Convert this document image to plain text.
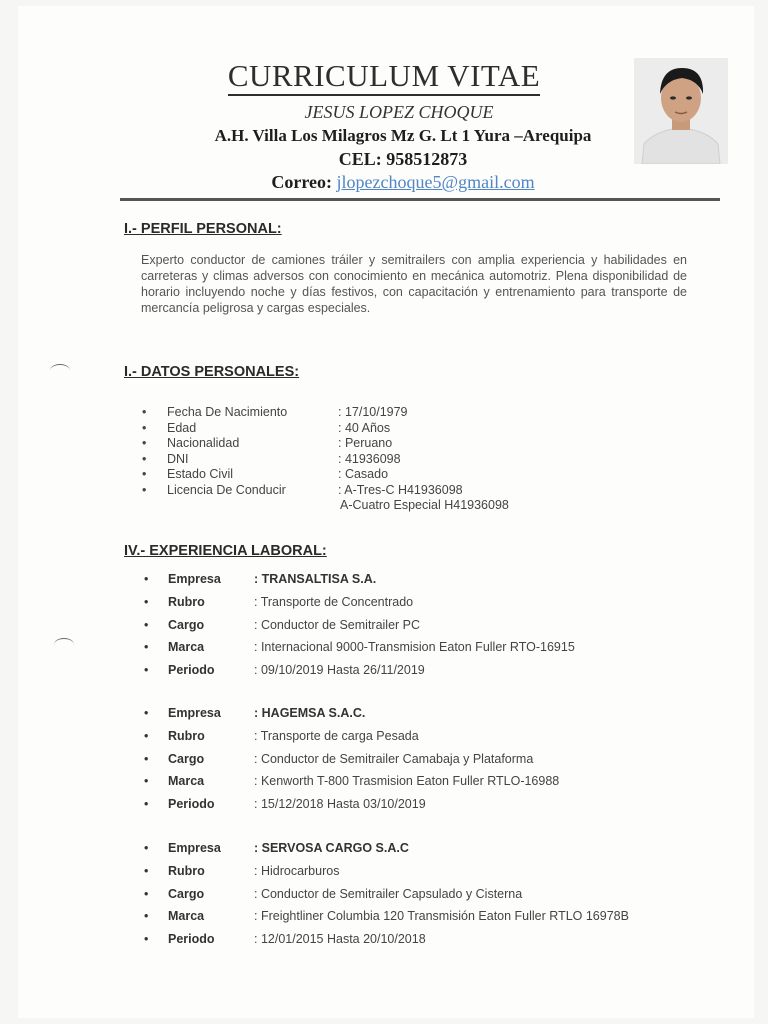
CURRICULUM VITAE
JESUS LOPEZ CHOQUE
A.H. Villa Los Milagros Mz G. Lt 1 Yura –Arequipa
CEL: 958512873
Correo: jlopezchoque5@gmail.com
I.- PERFIL PERSONAL:
Experto conductor de camiones tráiler y semitrailers con amplia experiencia y habilidades en carreteras y climas adversos con conocimiento en mecánica automotriz. Plena disponibilidad de horario incluyendo noche y días festivos, con capacitación y entrenamiento para transporte de mercancía peligrosa y cargas especiales.
I.- DATOS PERSONALES:
• Fecha De Nacimiento	: 17/10/1979
• Edad	: 40 Años
• Nacionalidad	: Peruano
• DNI	: 41936098
• Estado Civil	: Casado
• Licencia De Conducir	: A-Tres-C H41936098
A-Cuatro Especial H41936098
IV.- EXPERIENCIA LABORAL:
• Empresa	: TRANSALTISA S.A.
• Rubro	: Transporte de Concentrado
• Cargo	: Conductor de Semitrailer PC
• Marca	: Internacional 9000-Transmision Eaton Fuller RTO-16915
• Periodo	: 09/10/2019 Hasta 26/11/2019
• Empresa	: HAGEMSA S.A.C.
• Rubro	: Transporte de carga Pesada
• Cargo	: Conductor de Semitrailer Camabaja y Plataforma
• Marca	: Kenworth T-800 Trasmision Eaton Fuller RTLO-16988
• Periodo	: 15/12/2018 Hasta 03/10/2019
• Empresa	: SERVOSA CARGO S.A.C
• Rubro	: Hidrocarburos
• Cargo	: Conductor de Semitrailer Capsulado y Cisterna
• Marca	: Freightliner Columbia 120 Transmisión Eaton Fuller RTLO 16978B
• Periodo	: 12/01/2015 Hasta 20/10/2018
